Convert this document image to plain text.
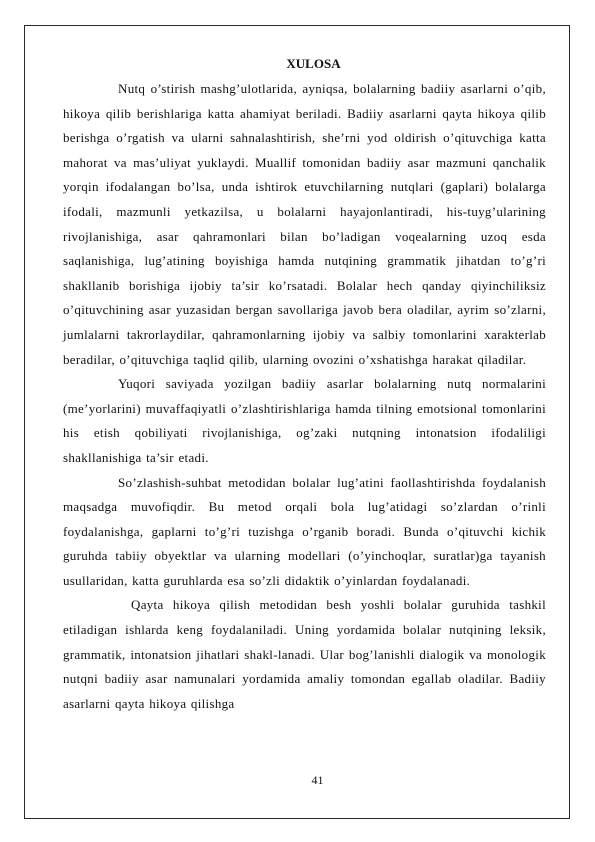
XULOSA

Nutq o’stirish mashg’ulotlarida, ayniqsa, bolalarning badiiy asarlarni o’qib, hikoya qilib berishlariga katta ahamiyat beriladi. Badiiy asarlarni qayta hikoya qilib berishga o’rgatish va ularni sahnalashtirish, she’rni yod oldirish o’qituvchiga katta mahorat va mas’uliyat yuklaydi. Muallif tomonidan badiiy asar mazmuni qanchalik yorqin ifodalangan bo’lsa, unda ishtirok etuvchilarning nutqlari (gaplari) bolalarga ifodali, mazmunli yetkazilsa, u bolalarni hayajonlantiradi, his-tuyg’ularining rivojlanishiga, asar qahramonlari bilan bo’ladigan voqealarning uzoq esda saqlanishiga, lug’atining boyishiga hamda nutqining grammatik jihatdan to’g’ri shakllanib borishiga ijobiy ta’sir ko’rsatadi. Bolalar hech qanday qiyinchiliksiz o’qituvchining asar yuzasidan bergan savollariga javob bera oladilar, ayrim so’zlarni, jumlalarni takrorlaydilar, qahramonlarning ijobiy va salbiy tomonlarini xarakterlab beradilar, o’qituvchiga taqlid qilib, ularning ovozini o’xshatishga harakat qiladilar.

Yuqori saviyada yozilgan badiiy asarlar bolalarning nutq normalarini (me’yorlarini) muvaffaqiyatli o’zlashtirishlariga hamda tilning emotsional tomonlarini his etish qobiliyati rivojlanishiga, og’zaki nutqning intonatsion ifodaliligi shakllanishiga ta’sir etadi.

So’zlashish-suhbat metodidan bolalar lug’atini faollashtirishda foydalanish maqsadga muvofiqdir. Bu metod orqali bola lug’atidagi so’zlardan o’rinli foydalanishga, gaplarni to’g’ri tuzishga o’rganib boradi. Bunda o’qituvchi kichik guruhda tabiiy obyektlar va ularning modellari (o’yinchoqlar, suratlar)ga tayanish usullaridan, katta guruhlarda esa so’zli didaktik o’yinlardan foydalanadi.

Qayta hikoya qilish metodidan besh yoshli bolalar guruhida tashkil etiladigan ishlarda keng foydalaniladi. Uning yordamida bolalar nutqining leksik, grammatik, intonatsion jihatlari shakl-lanadi. Ular bog’lanishli dialogik va monologik nutqni badiiy asar namunalari yordamida amaliy tomondan egallab oladilar. Badiiy asarlarni qayta hikoya qilishga

41
